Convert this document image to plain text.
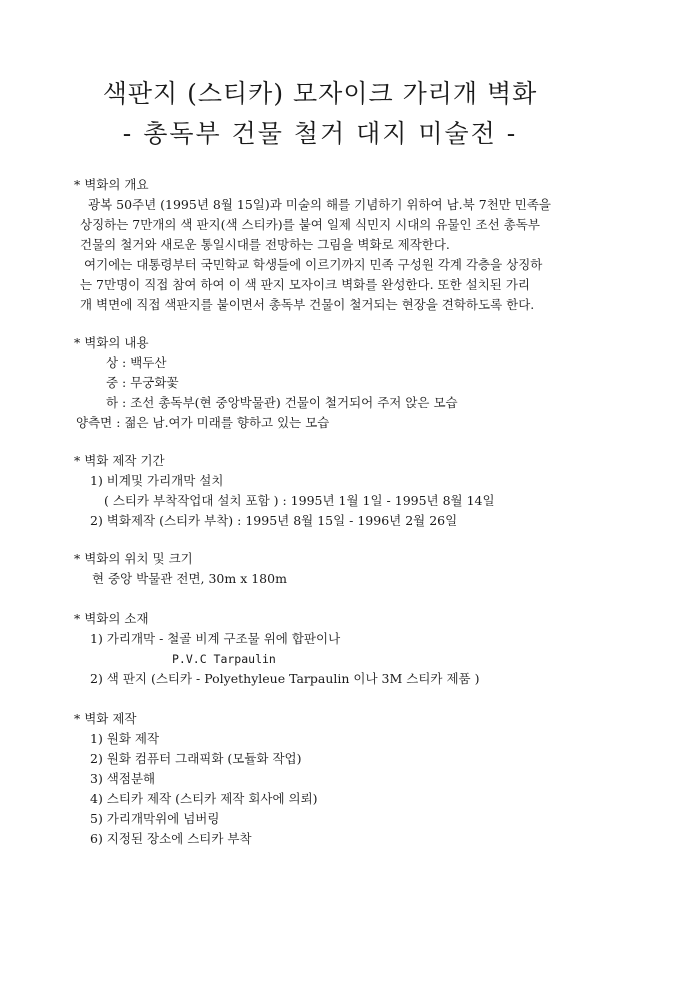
색판지 (스티카) 모자이크 가리개 벽화
- 총독부 건물 철거 대지 미술전 -
* 벽화의 개요
광복 50주년 (1995년 8월 15일)과 미술의 해를 기념하기 위하여 남.북 7천만 민족을
상징하는 7만개의 색 판지(색 스티카)를 붙여 일제 식민지 시대의 유물인 조선 총독부
건물의 철거와 새로운 통일시대를 전망하는 그림을 벽화로 제작한다.
여기에는 대통령부터 국민학교 학생들에 이르기까지 민족 구성원 각계 각층을 상징하
는 7만명이 직접 참여 하여 이 색 판지 모자이크 벽화를 완성한다. 또한 설치된 가리
개 벽면에 직접 색판지를 붙이면서 총독부 건물이 철거되는 현장을 견학하도록 한다.
* 벽화의 내용
상 : 백두산
중 : 무궁화꽃
하 : 조선 총독부(현 중앙박물관) 건물이 철거되어 주저 앉은 모습
양측면 : 젊은 남.여가 미래를 향하고 있는 모습
* 벽화 제작 기간
1) 비계및 가리개막 설치
( 스티카 부착작업대 설치 포함 ) : 1995년 1월 1일 - 1995년 8월 14일
2) 벽화제작 (스티카 부착) : 1995년 8월 15일 - 1996년 2월 26일
* 벽화의 위치 및 크기
현 중앙 박물관 전면, 30m x 180m
* 벽화의 소재
1) 가리개막 - 철골 비계 구조물 위에 합판이나
P.V.C Tarpaulin
2) 색 판지 (스티카 - Polyethyleue Tarpaulin 이나 3M 스티카 제품 )
* 벽화 제작
1) 원화 제작
2) 원화 컴퓨터 그래픽화 (모듈화 작업)
3) 색점분해
4) 스티카 제작 (스티카 제작 회사에 의뢰)
5) 가리개막위에 넘버링
6) 지정된 장소에 스티카 부착
